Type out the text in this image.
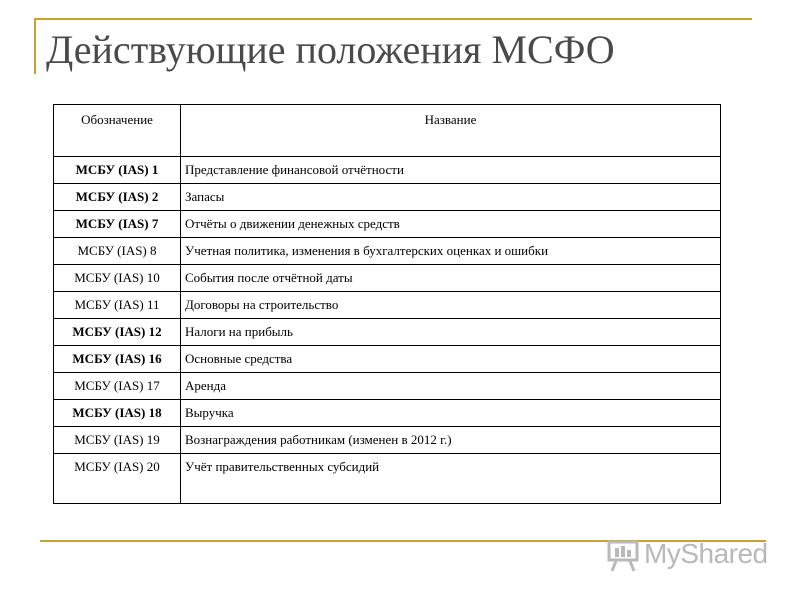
Действующие положения МСФО
Обозначение	Название
МСБУ (IAS) 1	Представление финансовой отчётности
МСБУ (IAS) 2	Запасы
МСБУ (IAS) 7	Отчёты о движении денежных средств
МСБУ (IAS) 8	Учетная политика, изменения в бухгалтерских оценках и ошибки
МСБУ (IAS) 10	События после отчётной даты
МСБУ (IAS) 11	Договоры на строительство
МСБУ (IAS) 12	Налоги на прибыль
МСБУ (IAS) 16	Основные средства
МСБУ (IAS) 17	Аренда
МСБУ (IAS) 18	Выручка
МСБУ (IAS) 19	Вознаграждения работникам (изменен в 2012 г.)
МСБУ (IAS) 20	Учёт правительственных субсидий
MyShared
